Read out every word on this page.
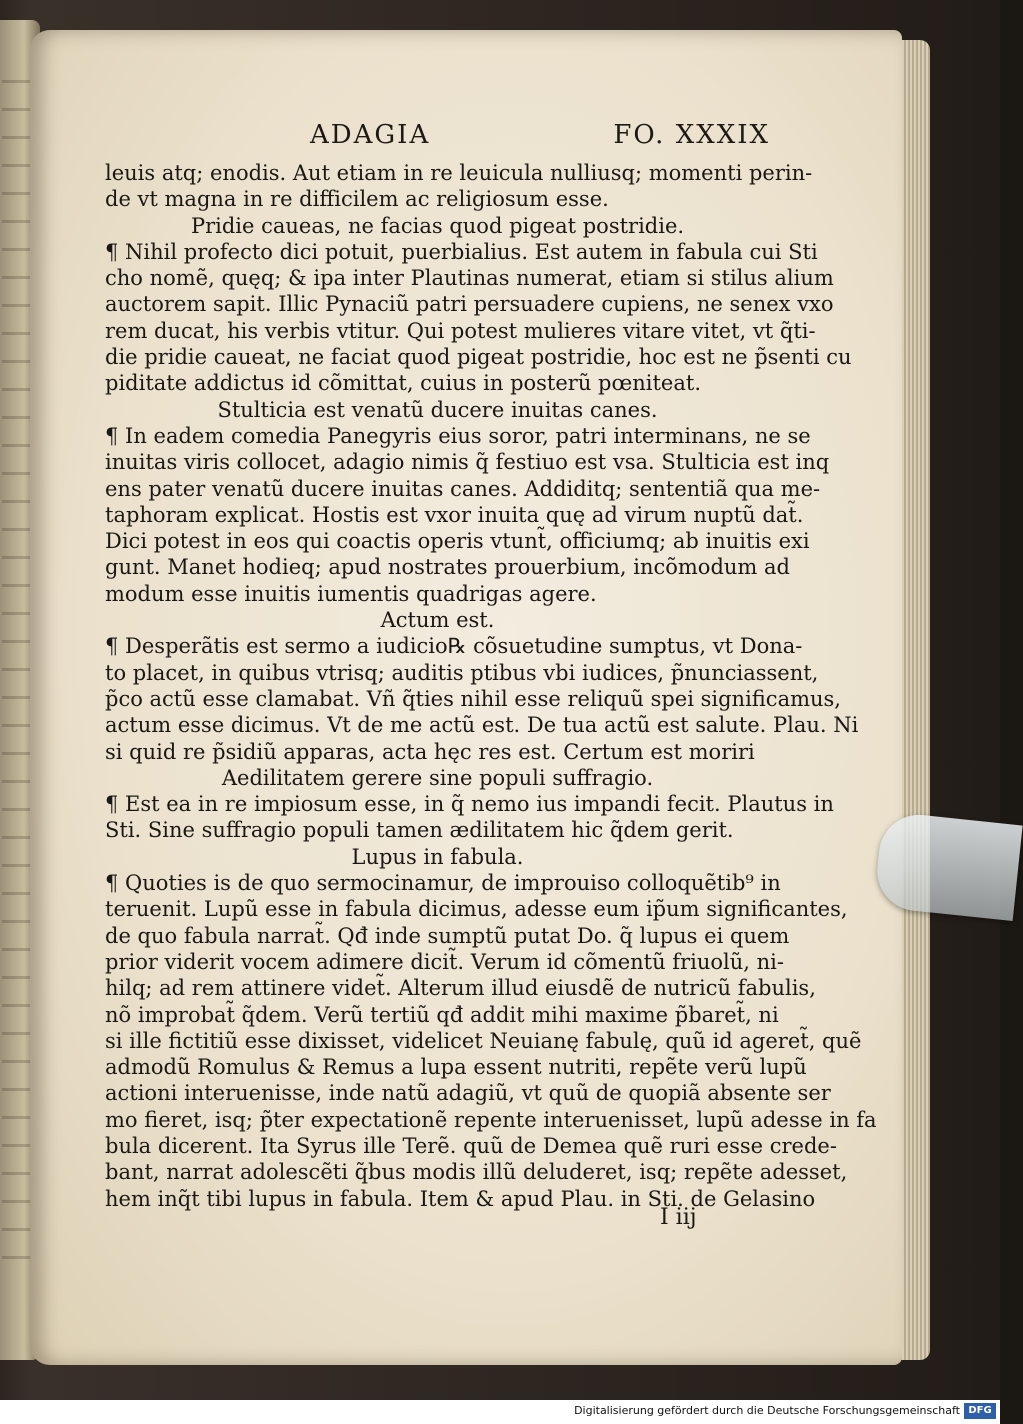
ADAGIA	FO. XXXIX
leuis atq; enodis. Aut etiam in re leuicula nulliusq; momenti perin-
de vt magna in re difficilem ac religiosum esse.
Pridie caueas, ne facias quod pigeat postridie.
¶ Nihil profecto dici potuit, puerbialius. Est autem in fabula cui Sti
cho nomẽ, quęq; & ipa inter Plautinas numerat, etiam si stilus alium
auctorem sapit. Illic Pynaciũ patri persuadere cupiens, ne senex vxo
rem ducat, his verbis vtitur. Qui potest mulieres vitare vitet, vt q̃ti-
die pridie caueat, ne faciat quod pigeat postridie, hoc est ne p̃senti cu
piditate addictus id cõmittat, cuius in posterũ pœniteat.
Stulticia est venatũ ducere inuitas canes.
¶ In eadem comedia Panegyris eius soror, patri interminans, ne se
inuitas viris collocet, adagio nimis q̃ festiuo est vsa. Stulticia est inq
ens pater venatũ ducere inuitas canes. Addiditq; sententiã qua me-
taphoram explicat. Hostis est vxor inuita quę ad virum nuptũ dat̃.
Dici potest in eos qui coactis operis vtunt̃, officiumq; ab inuitis exi
gunt. Manet hodieq; apud nostrates prouerbium, incõmodum ad
modum esse inuitis iumentis quadrigas agere.
Actum est.
¶ Desperãtis est sermo a iudicio℞ cõsuetudine sumptus, vt Dona-
to placet, in quibus vtrisq; auditis ptibus vbi iudices, p̃nunciassent,
p̃co actũ esse clamabat. Vñ q̃ties nihil esse reliquũ spei significamus,
actum esse dicimus. Vt de me actũ est. De tua actũ est salute. Plau. Ni
si quid re p̃sidiũ apparas, acta hęc res est. Certum est moriri
Aedilitatem gerere sine populi suffragio.
¶ Est ea in re impiosum esse, in q̃ nemo ius impandi fecit. Plautus in
Sti. Sine suffragio populi tamen ædilitatem hic q̃dem gerit.
Lupus in fabula.
¶ Quoties is de quo sermocinamur, de improuiso colloquẽtib⁹ in
teruenit. Lupũ esse in fabula dicimus, adesse eum ip̃um significantes,
de quo fabula narrat̃. Qđ inde sumptũ putat Do. q̃ lupus ei quem
prior viderit vocem adimere dicit̃. Verum id cõmentũ friuolũ, ni-
hilq; ad rem attinere videt̃. Alterum illud eiusdẽ de nutricũ fabulis,
nõ improbat̃ q̃dem. Verũ tertiũ qđ addit mihi maxime p̃baret̃, ni
si ille fictitiũ esse dixisset, videlicet Neuianę fabulę, quũ id ageret̃, quẽ
admodũ Romulus & Remus a lupa essent nutriti, repẽte verũ lupũ
actioni interuenisse, inde natũ adagiũ, vt quũ de quopiã absente ser
mo fieret, isq; p̃ter expectationẽ repente interuenisset, lupũ adesse in fa
bula dicerent. Ita Syrus ille Terẽ. quũ de Demea quẽ ruri esse crede-
bant, narrat adolescẽti q̃bus modis illũ deluderet, isq; repẽte adesset,
hem inq̃t tibi lupus in fabula. Item & apud Plau. in Sti. de Gelasino
I iij
Digitalisierung gefördert durch die Deutsche Forschungsgemeinschaft DFG
